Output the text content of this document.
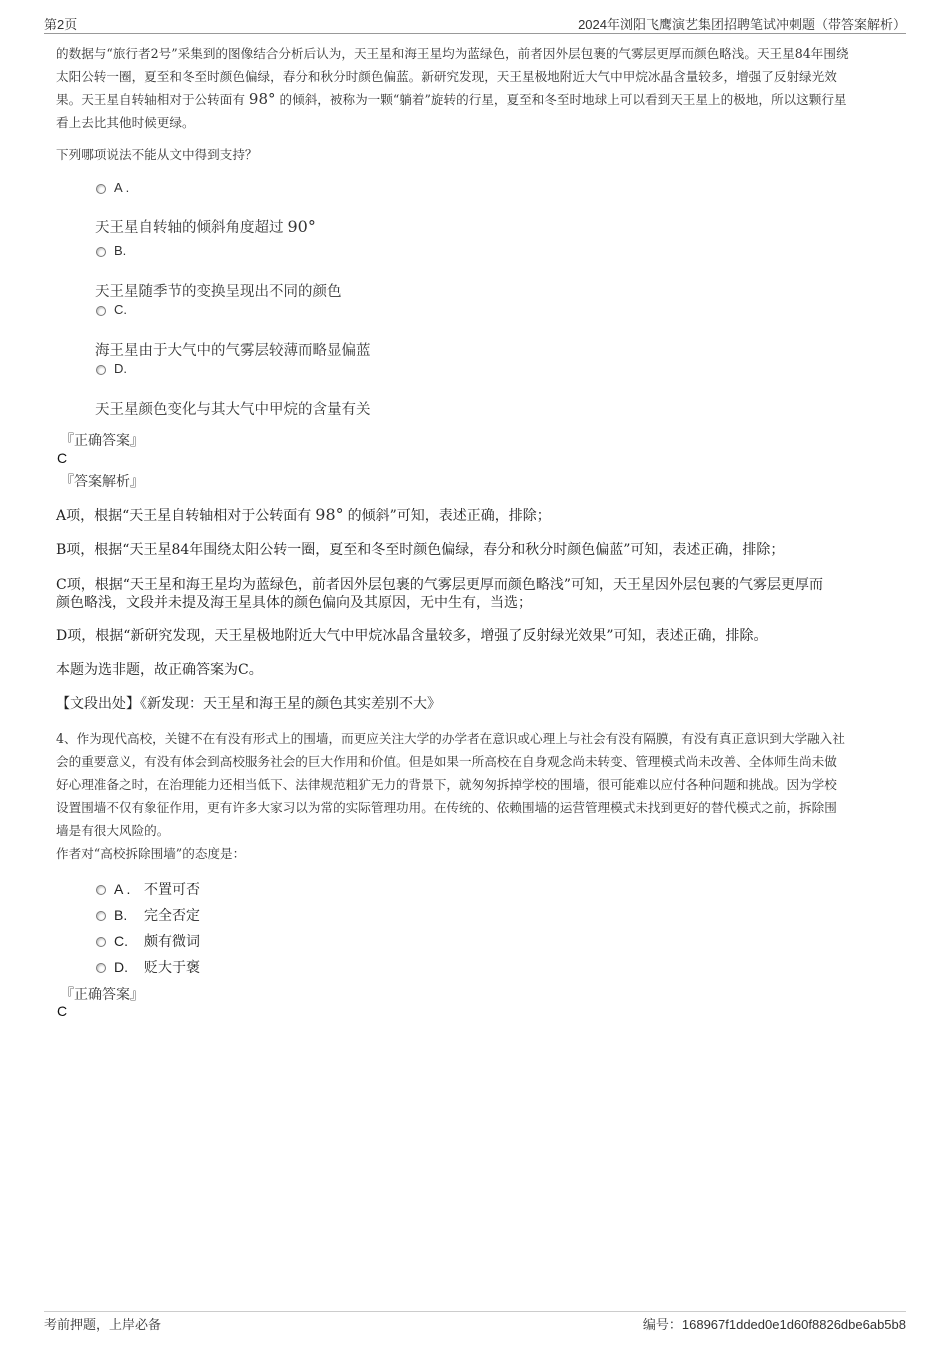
第2页	2024年浏阳飞鹰演艺集团招聘笔试冲刺题（带答案解析）
的数据与“旅行者2号”采集到的图像结合分析后认为，天王星和海王星均为蓝绿色，前者因外层包裹的气雾层更厚而颜色略浅。天王星84年围绕
太阳公转一圈，夏至和冬至时颜色偏绿，春分和秋分时颜色偏蓝。新研究发现，天王星极地附近大气中甲烷冰晶含量较多，增强了反射绿光效
果。天王星自转轴相对于公转面有 98° 的倾斜，被称为一颗“躺着”旋转的行星，夏至和冬至时地球上可以看到天王星上的极地，所以这颗行星
看上去比其他时候更绿。
下列哪项说法不能从文中得到支持？
A .
天王星自转轴的倾斜角度超过 90°
B.
天王星随季节的变换呈现出不同的颜色
C.
海王星由于大气中的气雾层较薄而略显偏蓝
D.
天王星颜色变化与其大气中甲烷的含量有关
『正确答案』
C
『答案解析』
A项，根据“天王星自转轴相对于公转面有 98° 的倾斜”可知，表述正确，排除；
B项，根据“天王星84年围绕太阳公转一圈，夏至和冬至时颜色偏绿，春分和秋分时颜色偏蓝”可知，表述正确，排除；
C项，根据“天王星和海王星均为蓝绿色，前者因外层包裹的气雾层更厚而颜色略浅”可知，天王星因外层包裹的气雾层更厚而
颜色略浅，文段并未提及海王星具体的颜色偏向及其原因，无中生有，当选；
D项，根据“新研究发现，天王星极地附近大气中甲烷冰晶含量较多，增强了反射绿光效果”可知，表述正确，排除。
本题为选非题，故正确答案为C。
【文段出处】《新发现：天王星和海王星的颜色其实差别不大》
4、作为现代高校，关键不在有没有形式上的围墙，而更应关注大学的办学者在意识或心理上与社会有没有隔膜，有没有真正意识到大学融入社
会的重要意义，有没有体会到高校服务社会的巨大作用和价值。但是如果一所高校在自身观念尚未转变、管理模式尚未改善、全体师生尚未做
好心理准备之时，在治理能力还相当低下、法律规范粗犷无力的背景下，就匆匆拆掉学校的围墙，很可能难以应付各种问题和挑战。因为学校
设置围墙不仅有象征作用，更有许多大家习以为常的实际管理功用。在传统的、依赖围墙的运营管理模式未找到更好的替代模式之前，拆除围
墙是有很大风险的。
作者对“高校拆除围墙”的态度是：
A . 不置可否
B. 完全否定
C. 颇有微词
D. 贬大于褒
『正确答案』
C
考前押题，上岸必备	编号：168967f1dded0e1d60f8826dbe6ab5b8
